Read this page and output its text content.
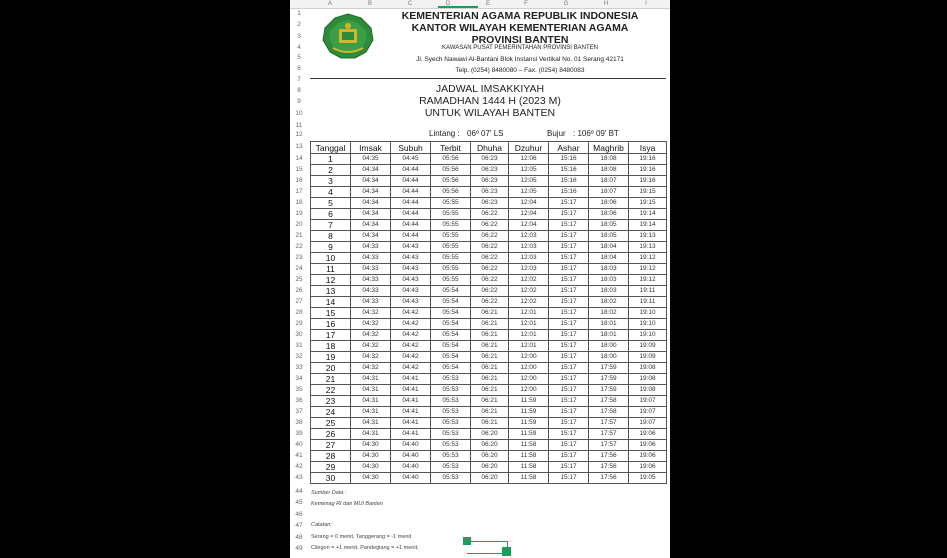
A	B	C	D	E	F	G	H	I
1
2
3
4
5
6
7
8
9
10
11
12
13
14
15
16
17
18
19
20
21
22
23
24
25
26
27
28
29
30
31
32
33
34
35
36
37
38
39
40
41
42
43
44
45
46
47
48
49
KEMENTERIAN AGAMA REPUBLIK INDONESIA
KANTOR WILAYAH KEMENTERIAN AGAMA
PROVINSI BANTEN
KAWASAN PUSAT PEMERINTAHAN PROVINSI BANTEN
Jl. Syech Nawawi Al-Bantani Blok Instansi Vertikal No. 01 Serang 42171
Telp. (0254) 8480080 – Fax. (0254) 8480083
JADWAL IMSAKKIYAH
RAMADHAN 1444 H (2023 M)
UNTUK WILAYAH BANTEN
Lintang : 06º 07' LS	Bujur : 106º 09' BT
Tanggal	Imsak	Subuh	Terbit	Dhuha	Dzuhur	Ashar	Maghrib	Isya
1	04:35	04:45	05:56	06:23	12:06	15:16	18:08	19:16
2	04:34	04:44	05:56	06:23	12:05	15:16	18:08	19:16
3	04:34	04:44	05:56	06:23	12:05	15:16	18:07	19:16
4	04:34	04:44	05:56	06:23	12:05	15:16	18:07	19:15
5	04:34	04:44	05:55	06:23	12:04	15:17	18:06	19:15
6	04:34	04:44	05:55	06:22	12:04	15:17	18:06	19:14
7	04:34	04:44	05:55	06:22	12:04	15:17	18:05	19:14
8	04:34	04:44	05:55	06:22	12:03	15:17	18:05	19:13
9	04:33	04:43	05:55	06:22	12:03	15:17	18:04	19:13
10	04:33	04:43	05:55	06:22	12:03	15:17	18:04	19:12
11	04:33	04:43	05:55	06:22	12:03	15:17	18:03	19:12
12	04:33	04:43	05:55	06:22	12:02	15:17	18:03	19:12
13	04:33	04:43	05:54	06:22	12:02	15:17	18:03	19:11
14	04:33	04:43	05:54	06:22	12:02	15:17	18:02	19:11
15	04:32	04:42	05:54	06:21	12:01	15:17	18:02	19:10
16	04:32	04:42	05:54	06:21	12:01	15:17	18:01	19:10
17	04:32	04:42	05:54	06:21	12:01	15:17	18:01	19:10
18	04:32	04:42	05:54	06:21	12:01	15:17	18:00	19:09
19	04:32	04:42	05:54	06:21	12:00	15:17	18:00	19:09
20	04:32	04:42	05:54	06:21	12:00	15:17	17:59	19:08
21	04:31	04:41	05:53	06:21	12:00	15:17	17:59	19:08
22	04:31	04:41	05:53	06:21	12:00	15:17	17:59	19:08
23	04:31	04:41	05:53	06:21	11:59	15:17	17:58	19:07
24	04:31	04:41	05:53	06:21	11:59	15:17	17:58	19:07
25	04:31	04:41	05:53	06:21	11:59	15:17	17:57	19:07
26	04:31	04:41	05:53	06:20	11:59	15:17	17:57	19:06
27	04:30	04:40	05:53	06:20	11:58	15:17	17:57	19:06
28	04:30	04:40	05:53	06:20	11:58	15:17	17:56	19:06
29	04:30	04:40	05:53	06:20	11:58	15:17	17:56	19:06
30	04:30	04:40	05:53	06:20	11:58	15:17	17:56	19:05
Sumber Data :
Kemenag RI dan MUI Banten
Catatan:
Serang = 0 menit, Tanggerang = -1 menit
Cilegon = +1 menit, Pandeglang = +1 menit,
